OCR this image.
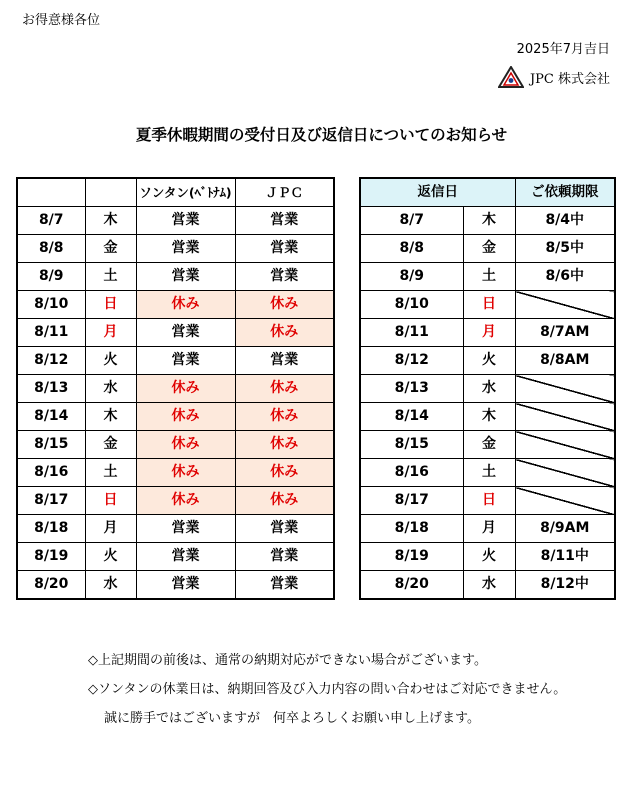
お得意様各位
2025年7月吉日
JPC 株式会社
夏季休暇期間の受付日及び返信日についてのお知らせ
		ソンタン(ﾍﾞﾄﾅﾑ)	ＪＰＣ
8/7	木	営業	営業
8/8	金	営業	営業
8/9	土	営業	営業
8/10	日	休み	休み
8/11	月	営業	休み
8/12	火	営業	営業
8/13	水	休み	休み
8/14	木	休み	休み
8/15	金	休み	休み
8/16	土	休み	休み
8/17	日	休み	休み
8/18	月	営業	営業
8/19	火	営業	営業
8/20	水	営業	営業
返信日		ご依頼期限
8/7	木	8/4中
8/8	金	8/5中
8/9	土	8/6中
8/10	日	
8/11	月	8/7AM
8/12	火	8/8AM
8/13	水	
8/14	木	
8/15	金	
8/16	土	
8/17	日	
8/18	月	8/9AM
8/19	火	8/11中
8/20	水	8/12中
◇上記期間の前後は、通常の納期対応ができない場合がございます。
◇ソンタンの休業日は、納期回答及び入力内容の問い合わせはご対応できません。
誠に勝手ではございますが　何卒よろしくお願い申し上げます。
